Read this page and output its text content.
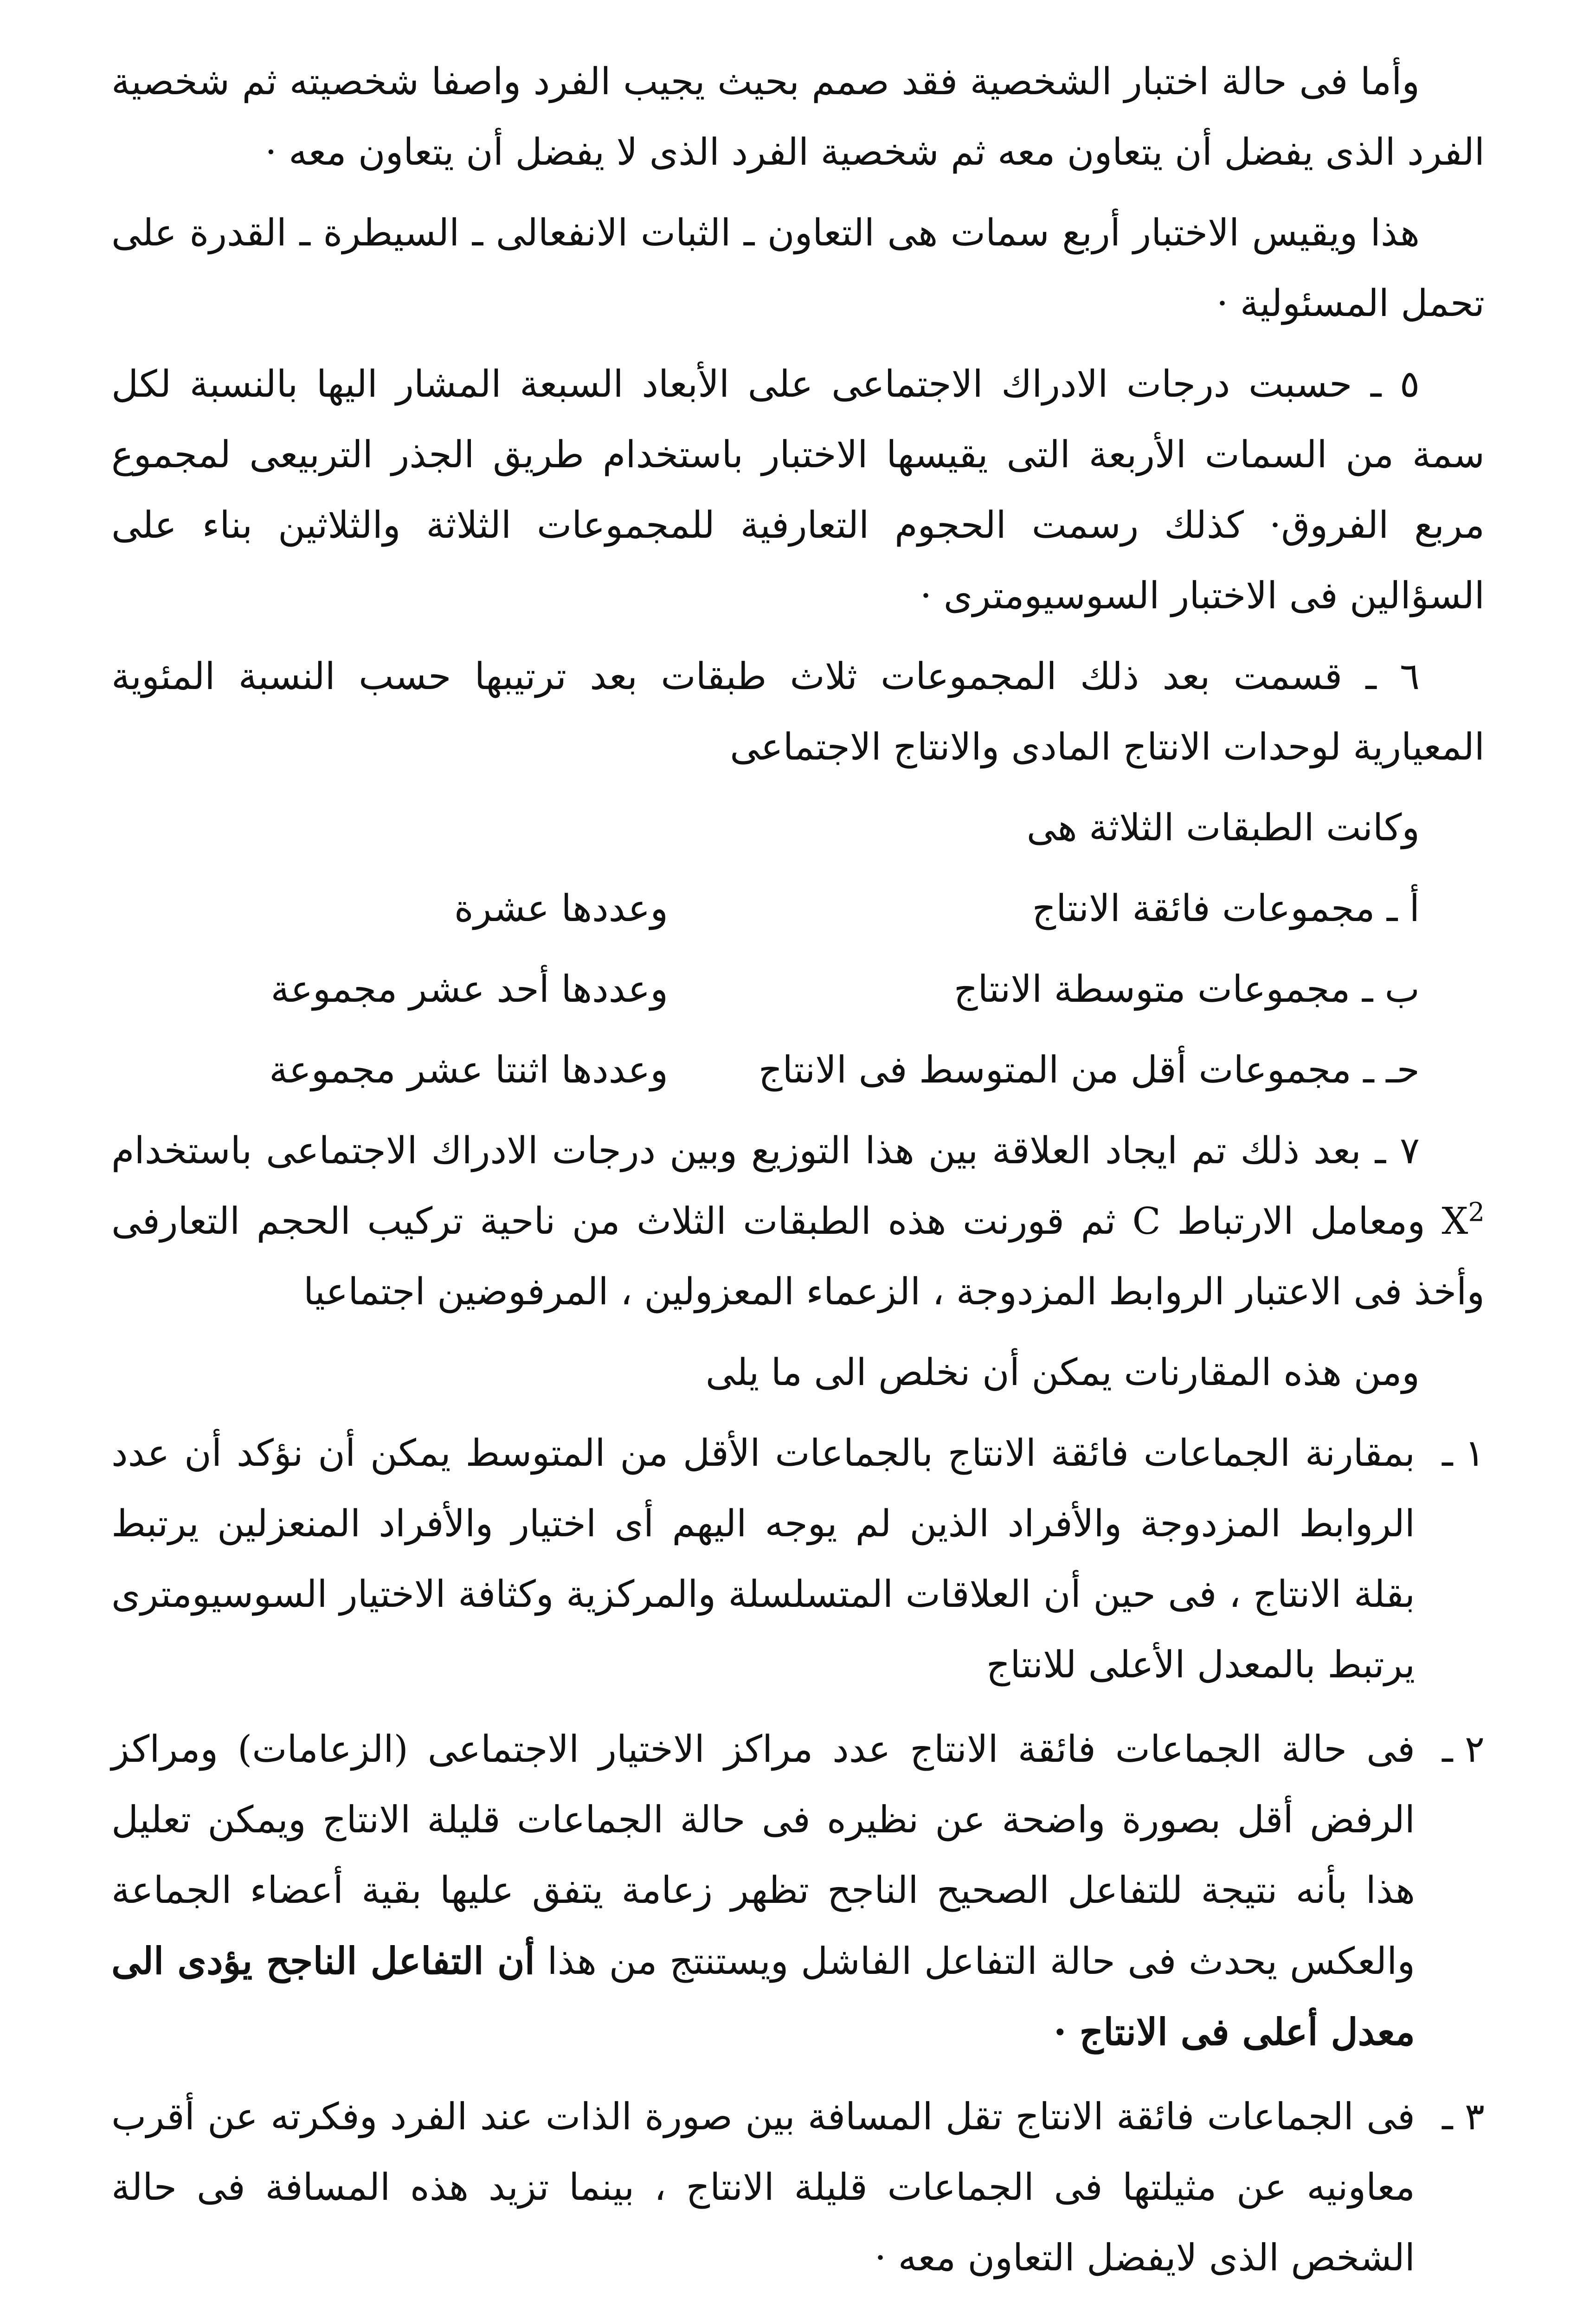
وأما فى حالة اختبار الشخصية فقد صمم بحيث يجيب الفرد واصفا شخصيته ثم شخصية الفرد الذى يفضل أن يتعاون معه ثم شخصية الفرد الذى لا يفضل أن يتعاون معه ·

هذا ويقيس الاختبار أربع سمات هى التعاون ـ الثبات الانفعالى ـ السيطرة ـ القدرة على تحمل المسئولية ·

٥ ـ حسبت درجات الادراك الاجتماعى على الأبعاد السبعة المشار اليها بالنسبة لكل سمة من السمات الأربعة التى يقيسها الاختبار باستخدام طريق الجذر التربيعى لمجموع مربع الفروق· كذلك رسمت الحجوم التعارفية للمجموعات الثلاثة والثلاثين بناء على السؤالين فى الاختبار السوسيومترى ·

٦ ـ قسمت بعد ذلك المجموعات ثلاث طبقات بعد ترتيبها حسب النسبة المئوية المعيارية لوحدات الانتاج المادى والانتاج الاجتماعى

وكانت الطبقات الثلاثة هى

أ ـ مجموعات فائقة الانتاج
وعددها عشرة
ب ـ مجموعات متوسطة الانتاج
وعددها أحد عشر مجموعة
حـ ـ مجموعات أقل من المتوسط فى الانتاج
وعددها اثنتا عشر مجموعة

٧ ـ بعد ذلك تم ايجاد العلاقة بين هذا التوزيع وبين درجات الادراك الاجتماعى باستخدام $X^2$ ومعامل الارتباط C ثم قورنت هذه الطبقات الثلاث من ناحية تركيب الحجم التعارفى وأخذ فى الاعتبار الروابط المزدوجة ، الزعماء المعزولين ، المرفوضين اجتماعيا

ومن هذه المقارنات يمكن أن نخلص الى ما يلى

١ ـ
بمقارنة الجماعات فائقة الانتاج بالجماعات الأقل من المتوسط يمكن أن نؤكد أن عدد الروابط المزدوجة والأفراد الذين لم يوجه اليهم أى اختيار والأفراد المنعزلين يرتبط بقلة الانتاج ، فى حين أن العلاقات المتسلسلة والمركزية وكثافة الاختيار السوسيومترى يرتبط بالمعدل الأعلى للانتاج
٢ ـ
فى حالة الجماعات فائقة الانتاج عدد مراكز الاختيار الاجتماعى (الزعامات) ومراكز الرفض أقل بصورة واضحة عن نظيره فى حالة الجماعات قليلة الانتاج ويمكن تعليل هذا بأنه نتيجة للتفاعل الصحيح الناجح تظهر زعامة يتفق عليها بقية أعضاء الجماعة والعكس يحدث فى حالة التفاعل الفاشل ويستنتج من هذا أن التفاعل الناجح يؤدى الى معدل أعلى فى الانتاج ·
٣ ـ
فى الجماعات فائقة الانتاج تقل المسافة بين صورة الذات عند الفرد وفكرته عن أقرب معاونيه عن مثيلتها فى الجماعات قليلة الانتاج ، بينما تزيد هذه المسافة فى حالة الشخص الذى لايفضل التعاون معه ·
